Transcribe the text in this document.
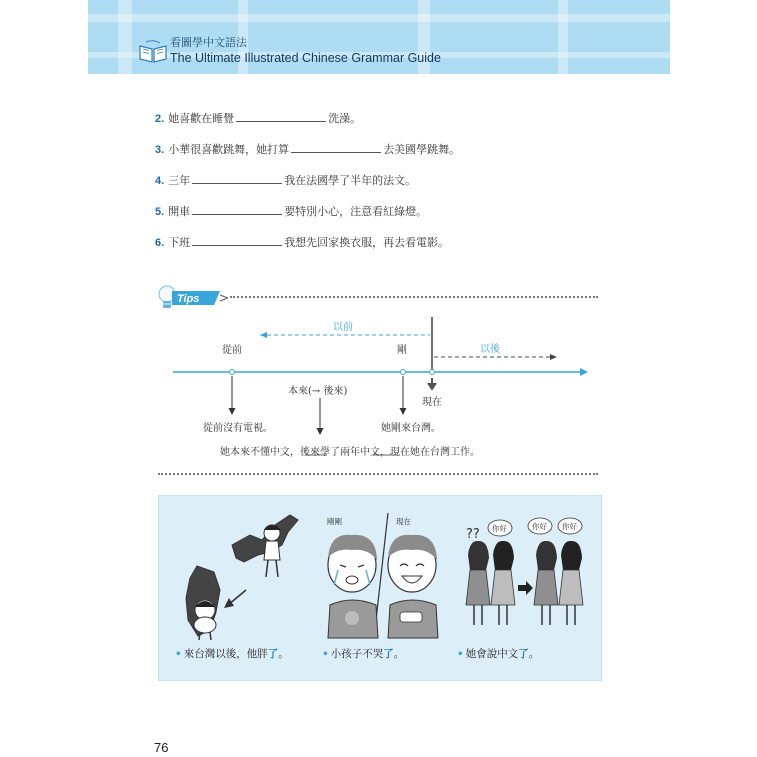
看圖學中文語法
The Ultimate Illustrated Chinese Grammar Guide
2. 她喜歡在睡覺	洗澡。
3. 小華很喜歡跳舞，她打算	去美國學跳舞。
4. 三年	我在法國學了半年的法文。
5. 開車	要特別小心，注意看紅綠燈。
6. 下班	我想先回家換衣服，再去看電影。
Tips
以前
以後
從前	剛
本來(→ 後來)
現在
從前沒有電視。	她剛來台灣。
她本來不懂中文，後來學了兩年中文，現在她在台灣工作。
??
剛剛	現在
你好	你好 你好
• 來台灣以後，他胖了。	• 小孩子不哭了。	• 她會說中文了。
76
